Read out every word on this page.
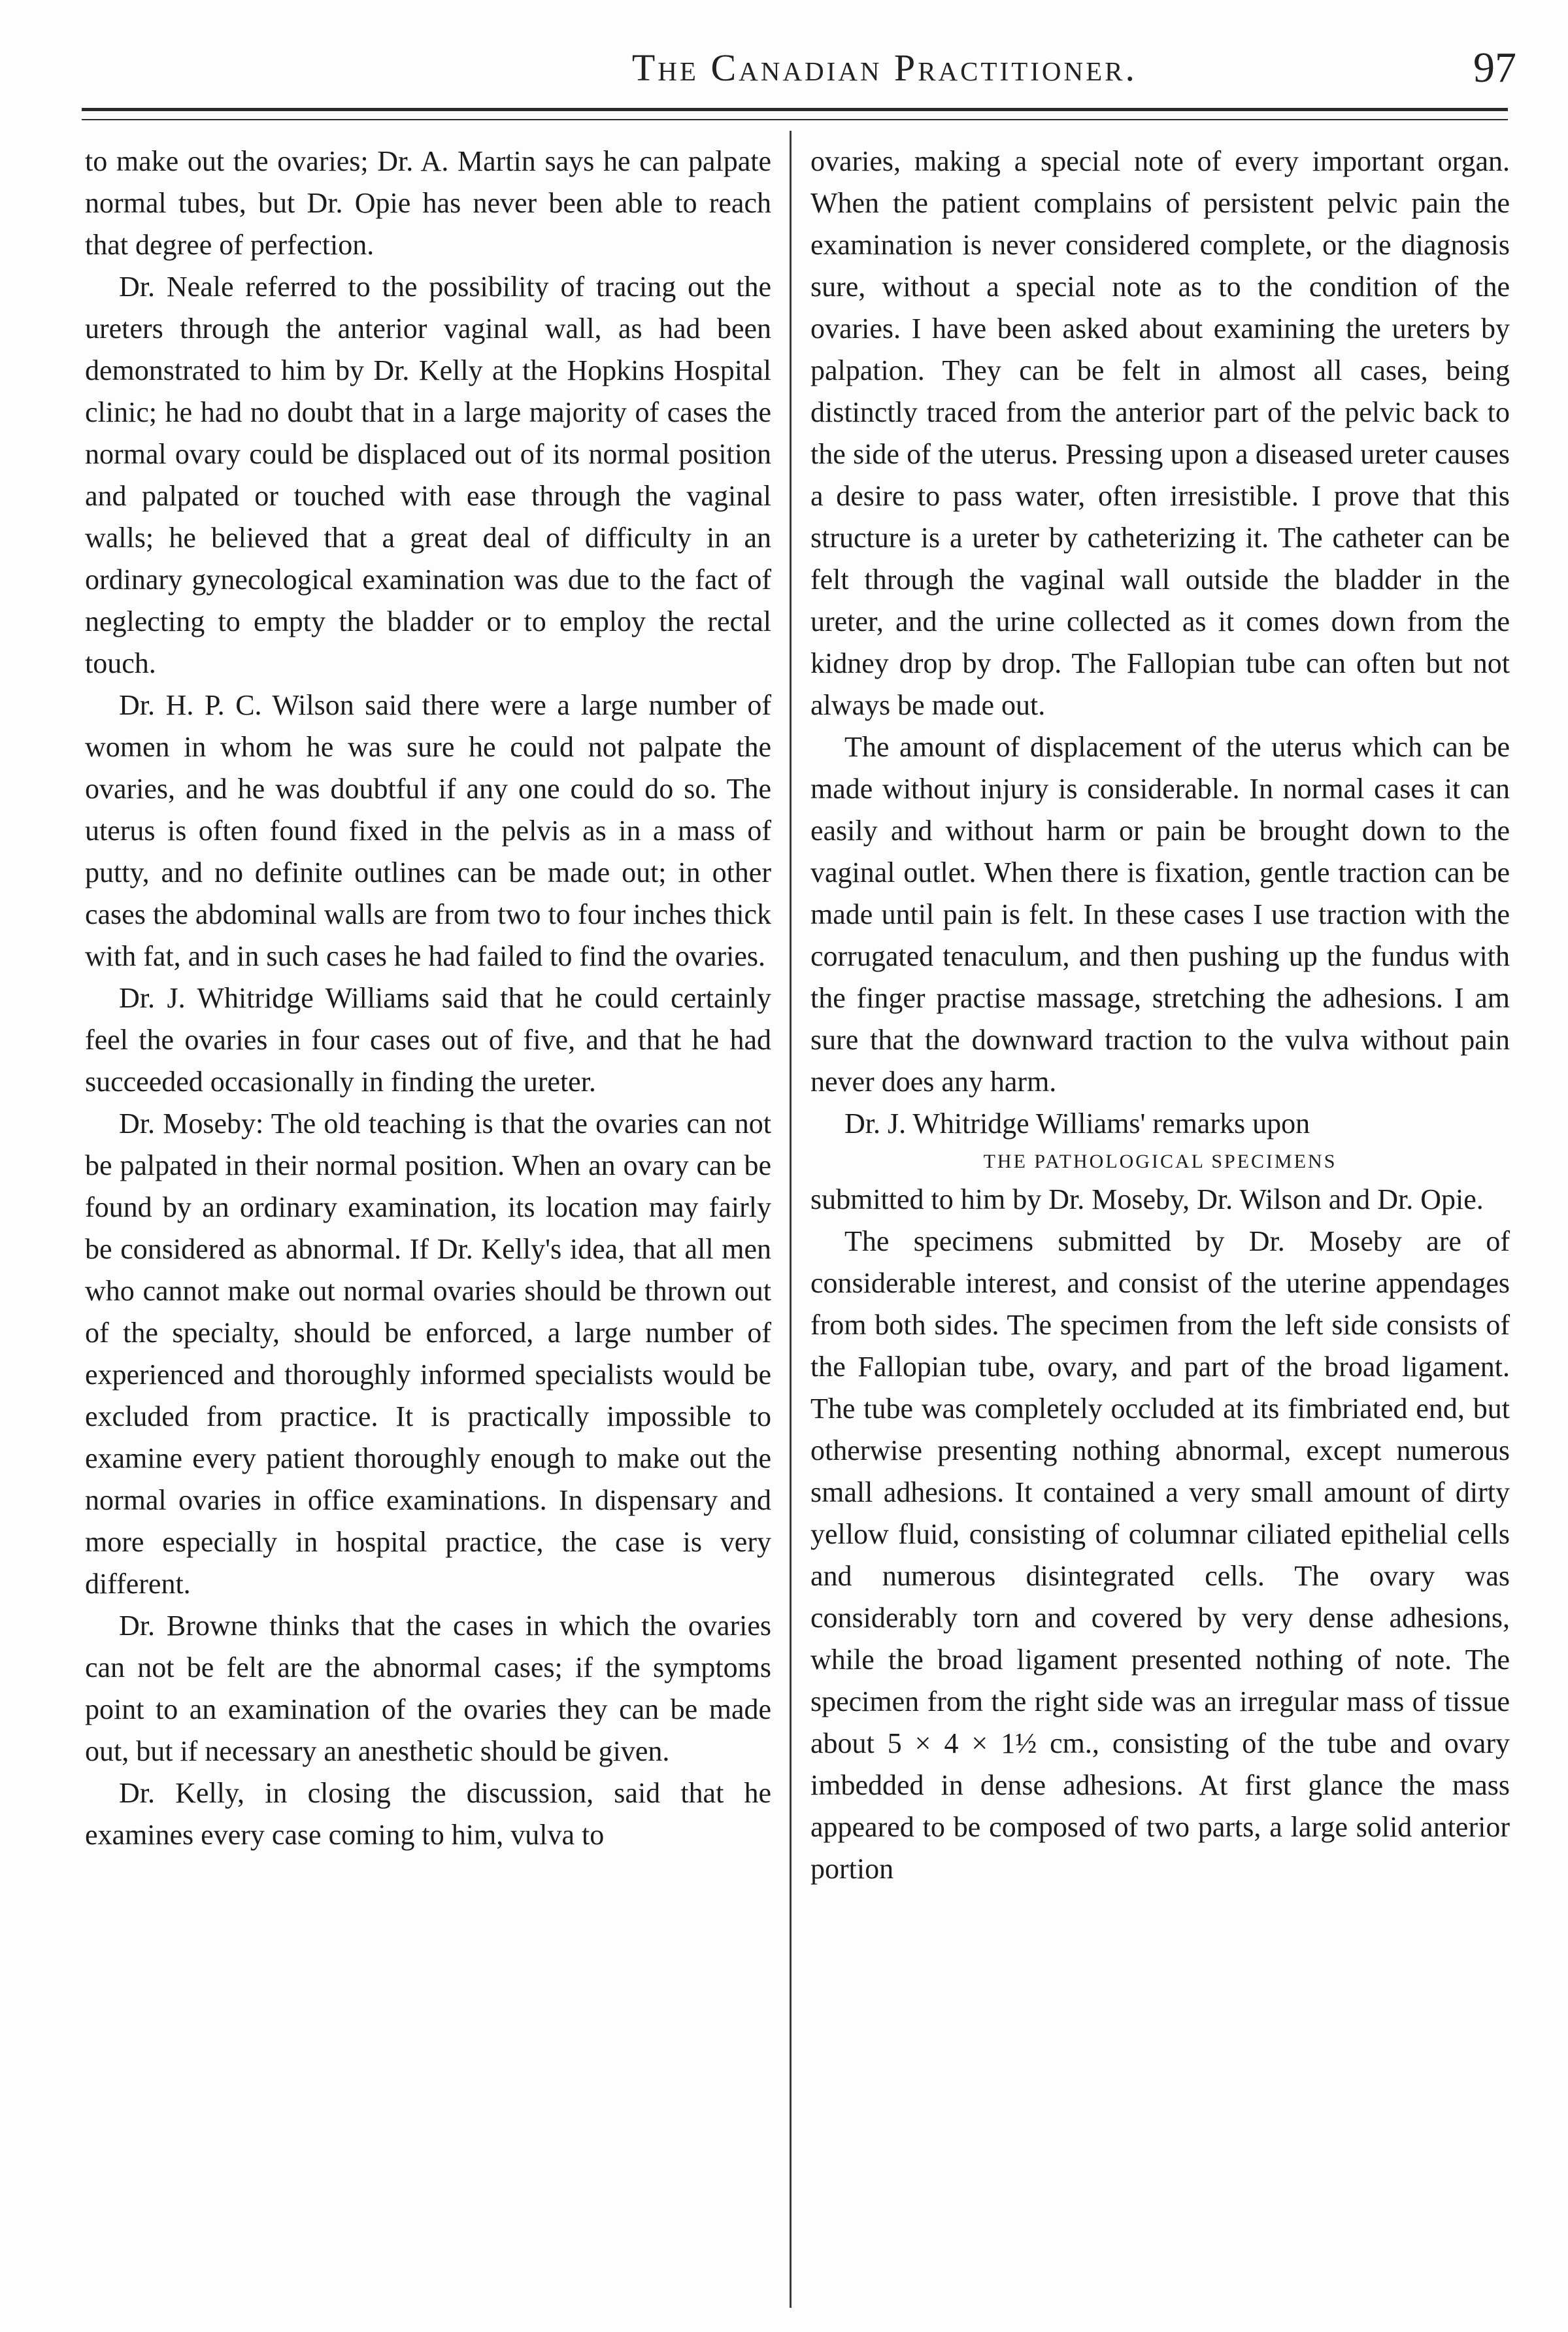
The Canadian Practitioner.	97

to make out the ovaries; Dr. A. Martin says he can palpate normal tubes, but Dr. Opie has never been able to reach that degree of perfection.

Dr. Neale referred to the possibility of tracing out the ureters through the anterior vaginal wall, as had been demonstrated to him by Dr. Kelly at the Hopkins Hospital clinic; he had no doubt that in a large majority of cases the normal ovary could be displaced out of its normal position and palpated or touched with ease through the vaginal walls; he believed that a great deal of difficulty in an ordinary gynecological examination was due to the fact of neglecting to empty the bladder or to employ the rectal touch.

Dr. H. P. C. Wilson said there were a large number of women in whom he was sure he could not palpate the ovaries, and he was doubtful if any one could do so. The uterus is often found fixed in the pelvis as in a mass of putty, and no definite outlines can be made out; in other cases the abdominal walls are from two to four inches thick with fat, and in such cases he had failed to find the ovaries.

Dr. J. Whitridge Williams said that he could certainly feel the ovaries in four cases out of five, and that he had succeeded occasionally in finding the ureter.

Dr. Moseby: The old teaching is that the ovaries can not be palpated in their normal position. When an ovary can be found by an ordinary examination, its location may fairly be considered as abnormal. If Dr. Kelly's idea, that all men who cannot make out normal ovaries should be thrown out of the specialty, should be enforced, a large number of experienced and thoroughly informed specialists would be excluded from practice. It is practically impossible to examine every patient thoroughly enough to make out the normal ovaries in office examinations. In dispensary and more especially in hospital practice, the case is very different.

Dr. Browne thinks that the cases in which the ovaries can not be felt are the abnormal cases; if the symptoms point to an examination of the ovaries they can be made out, but if necessary an anesthetic should be given.

Dr. Kelly, in closing the discussion, said that he examines every case coming to him, vulva to

ovaries, making a special note of every important organ. When the patient complains of persistent pelvic pain the examination is never considered complete, or the diagnosis sure, without a special note as to the condition of the ovaries. I have been asked about examining the ureters by palpation. They can be felt in almost all cases, being distinctly traced from the anterior part of the pelvic back to the side of the uterus. Pressing upon a diseased ureter causes a desire to pass water, often irresistible. I prove that this structure is a ureter by catheterizing it. The catheter can be felt through the vaginal wall outside the bladder in the ureter, and the urine collected as it comes down from the kidney drop by drop. The Fallopian tube can often but not always be made out.

The amount of displacement of the uterus which can be made without injury is considerable. In normal cases it can easily and without harm or pain be brought down to the vaginal outlet. When there is fixation, gentle traction can be made until pain is felt. In these cases I use traction with the corrugated tenaculum, and then pushing up the fundus with the finger practise massage, stretching the adhesions. I am sure that the downward traction to the vulva without pain never does any harm.

Dr. J. Whitridge Williams' remarks upon

THE PATHOLOGICAL SPECIMENS

submitted to him by Dr. Moseby, Dr. Wilson and Dr. Opie.

The specimens submitted by Dr. Moseby are of considerable interest, and consist of the uterine appendages from both sides. The specimen from the left side consists of the Fallopian tube, ovary, and part of the broad ligament. The tube was completely occluded at its fimbriated end, but otherwise presenting nothing abnormal, except numerous small adhesions. It contained a very small amount of dirty yellow fluid, consisting of columnar ciliated epithelial cells and numerous disintegrated cells. The ovary was considerably torn and covered by very dense adhesions, while the broad ligament presented nothing of note. The specimen from the right side was an irregular mass of tissue about 5 × 4 × 1½ cm., consisting of the tube and ovary imbedded in dense adhesions. At first glance the mass appeared to be composed of two parts, a large solid anterior portion
